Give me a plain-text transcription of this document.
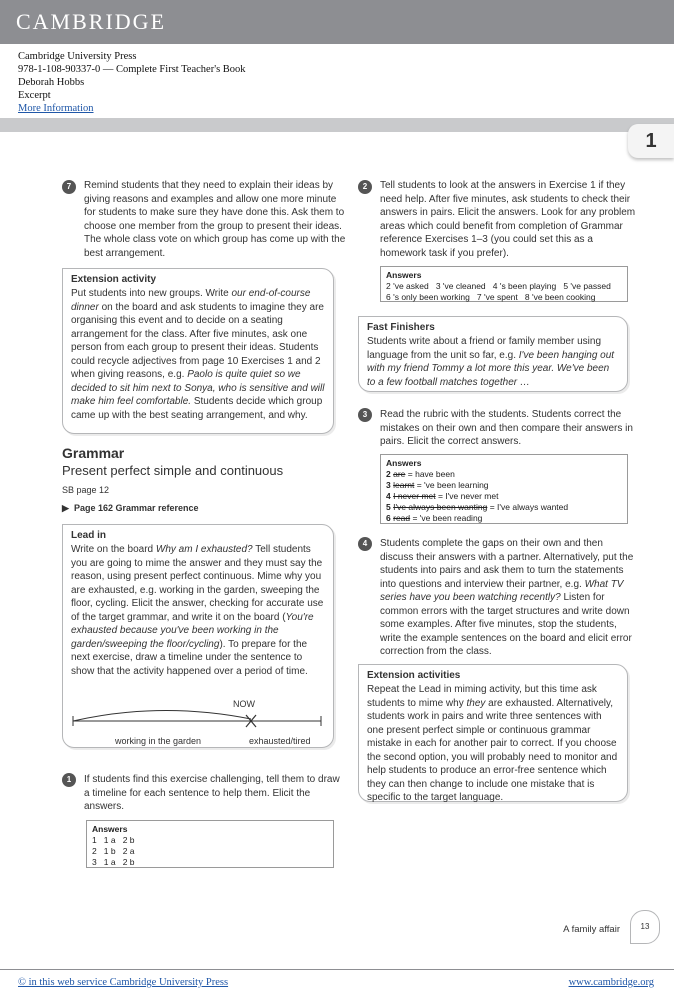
CAMBRIDGE
Cambridge University Press
978-1-108-90337-0 — Complete First Teacher's Book
Deborah Hobbs
Excerpt
More Information
1
7	Remind students that they need to explain their ideas by giving reasons and examples and allow one more minute for students to make sure they have done this. Ask them to choose one member from the group to present their ideas. The whole class vote on which group has come up with the best arrangement.
Extension activity
Put students into new groups. Write our end-of-course dinner on the board and ask students to imagine they are organising this event and to decide on a seating arrangement for the class. After five minutes, ask one person from each group to present their ideas. Students could recycle adjectives from page 10 Exercises 1 and 2 when giving reasons, e.g. Paolo is quite quiet so we decided to sit him next to Sonya, who is sensitive and will make him feel comfortable. Students decide which group came up with the best seating arrangement, and why.
Grammar
Present perfect simple and continuous
SB page 12
▶ Page 162 Grammar reference
Lead in
Write on the board Why am I exhausted? Tell students you are going to mime the answer and they must say the reason, using present perfect continuous. Mime why you are exhausted, e.g. working in the garden, sweeping the floor, cycling. Elicit the answer, checking for accurate use of the target grammar, and write it on the board (You're exhausted because you've been working in the garden/sweeping the floor/cycling). To prepare for the next exercise, draw a timeline under the sentence to show that the activity happened over a period of time.
NOW
working in the garden	exhausted/tired
1	If students find this exercise challenging, tell them to draw a timeline for each sentence to help them. Elicit the answers.
Answers
1   1 a   2 b
2   1 b   2 a
3   1 a   2 b
2	Tell students to look at the answers in Exercise 1 if they need help. After five minutes, ask students to check their answers in pairs. Elicit the answers. Look for any problem areas which could benefit from completion of Grammar reference Exercises 1–3 (you could set this as a homework task if you prefer).
Answers
2 've asked   3 've cleaned   4 's been playing   5 've passed
6 's only been working   7 've spent   8 've been cooking
Fast Finishers
Students write about a friend or family member using language from the unit so far, e.g. I've been hanging out with my friend Tommy a lot more this year. We've been to a few football matches together …
3	Read the rubric with the students. Students correct the mistakes on their own and then compare their answers in pairs. Elicit the correct answers.
Answers
2 are = have been
3 learnt = 've been learning
4 I never met = I've never met
5 I've always been wanting = I've always wanted
6 read = 've been reading
4	Students complete the gaps on their own and then discuss their answers with a partner. Alternatively, put the students into pairs and ask them to turn the statements into questions and interview their partner, e.g. What TV series have you been watching recently? Listen for common errors with the target structures and write down some examples. After five minutes, stop the students, write the example sentences on the board and elicit error correction from the class.
Extension activities
Repeat the Lead in miming activity, but this time ask students to mime why they are exhausted. Alternatively, students work in pairs and write three sentences with one present perfect simple or continuous grammar mistake in each for another pair to correct. If you choose the second option, you will probably need to monitor and help students to produce an error-free sentence which they can then change to include one mistake that is specific to the target language.
A family affair	13
© in this web service Cambridge University Press	www.cambridge.org
